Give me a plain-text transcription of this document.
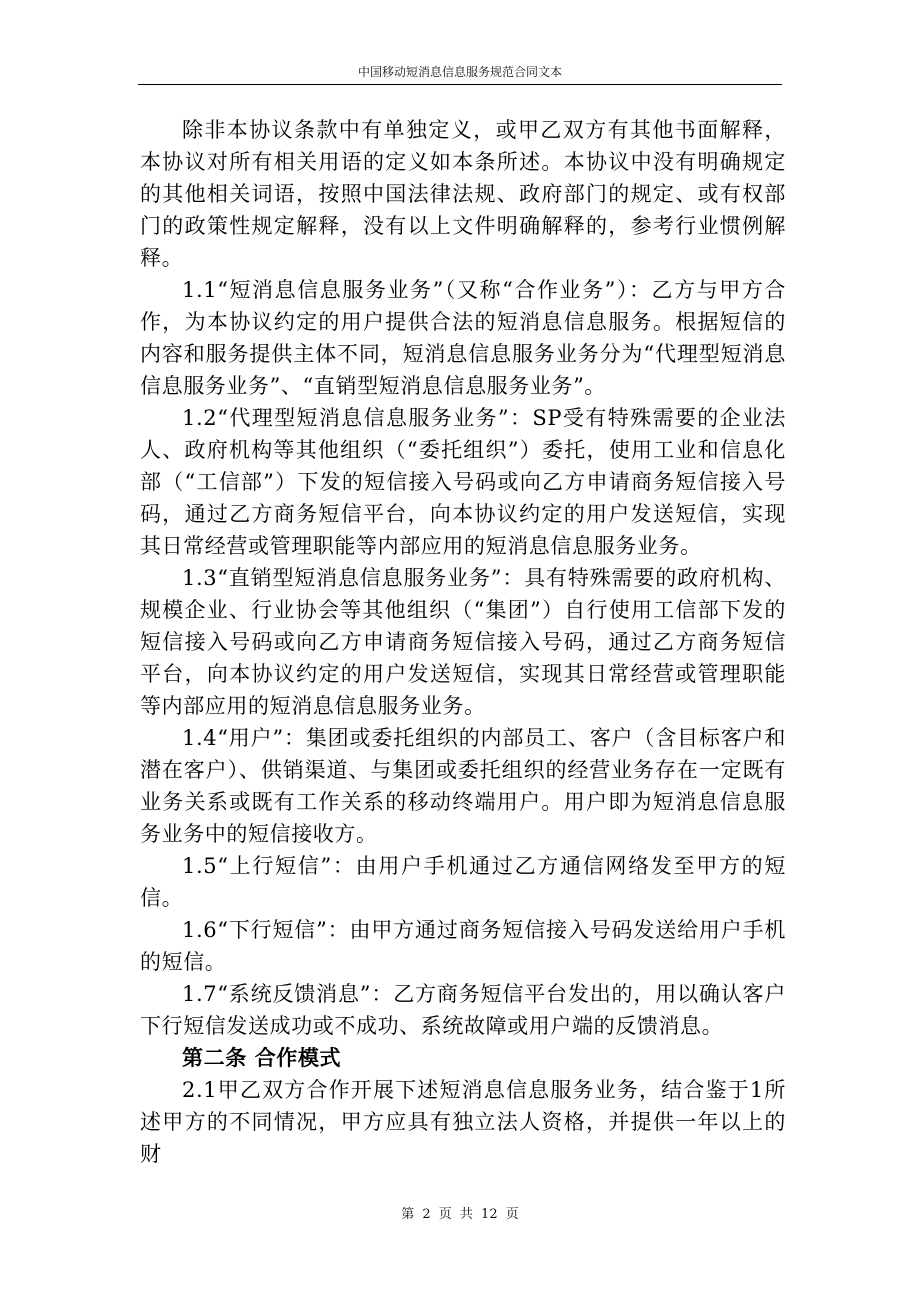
中国移动短消息信息服务规范合同文本

除非本协议条款中有单独定义，或甲乙双方有其他书面解释，本协议对所有相关用语的定义如本条所述。本协议中没有明确规定的其他相关词语，按照中国法律法规、政府部门的规定、或有权部门的政策性规定解释，没有以上文件明确解释的，参考行业惯例解释。

1.1“短消息信息服务业务”（又称“合作业务”）：乙方与甲方合作，为本协议约定的用户提供合法的短消息信息服务。根据短信的内容和服务提供主体不同，短消息信息服务业务分为“代理型短消息信息服务业务”、“直销型短消息信息服务业务”。

1.2“代理型短消息信息服务业务”：SP受有特殊需要的企业法人、政府机构等其他组织（“委托组织”）委托，使用工业和信息化部（“工信部”）下发的短信接入号码或向乙方申请商务短信接入号码，通过乙方商务短信平台，向本协议约定的用户发送短信，实现其日常经营或管理职能等内部应用的短消息信息服务业务。

1.3“直销型短消息信息服务业务”：具有特殊需要的政府机构、规模企业、行业协会等其他组织（“集团”）自行使用工信部下发的短信接入号码或向乙方申请商务短信接入号码，通过乙方商务短信平台，向本协议约定的用户发送短信，实现其日常经营或管理职能等内部应用的短消息信息服务业务。

1.4“用户”：集团或委托组织的内部员工、客户（含目标客户和潜在客户）、供销渠道、与集团或委托组织的经营业务存在一定既有业务关系或既有工作关系的移动终端用户。用户即为短消息信息服务业务中的短信接收方。

1.5“上行短信”：由用户手机通过乙方通信网络发至甲方的短信。

1.6“下行短信”：由甲方通过商务短信接入号码发送给用户手机的短信。

1.7“系统反馈消息”：乙方商务短信平台发出的，用以确认客户下行短信发送成功或不成功、系统故障或用户端的反馈消息。

第二条 合作模式

2.1甲乙双方合作开展下述短消息信息服务业务，结合鉴于1所述甲方的不同情况，甲方应具有独立法人资格，并提供一年以上的财

第 2 页 共 12 页
